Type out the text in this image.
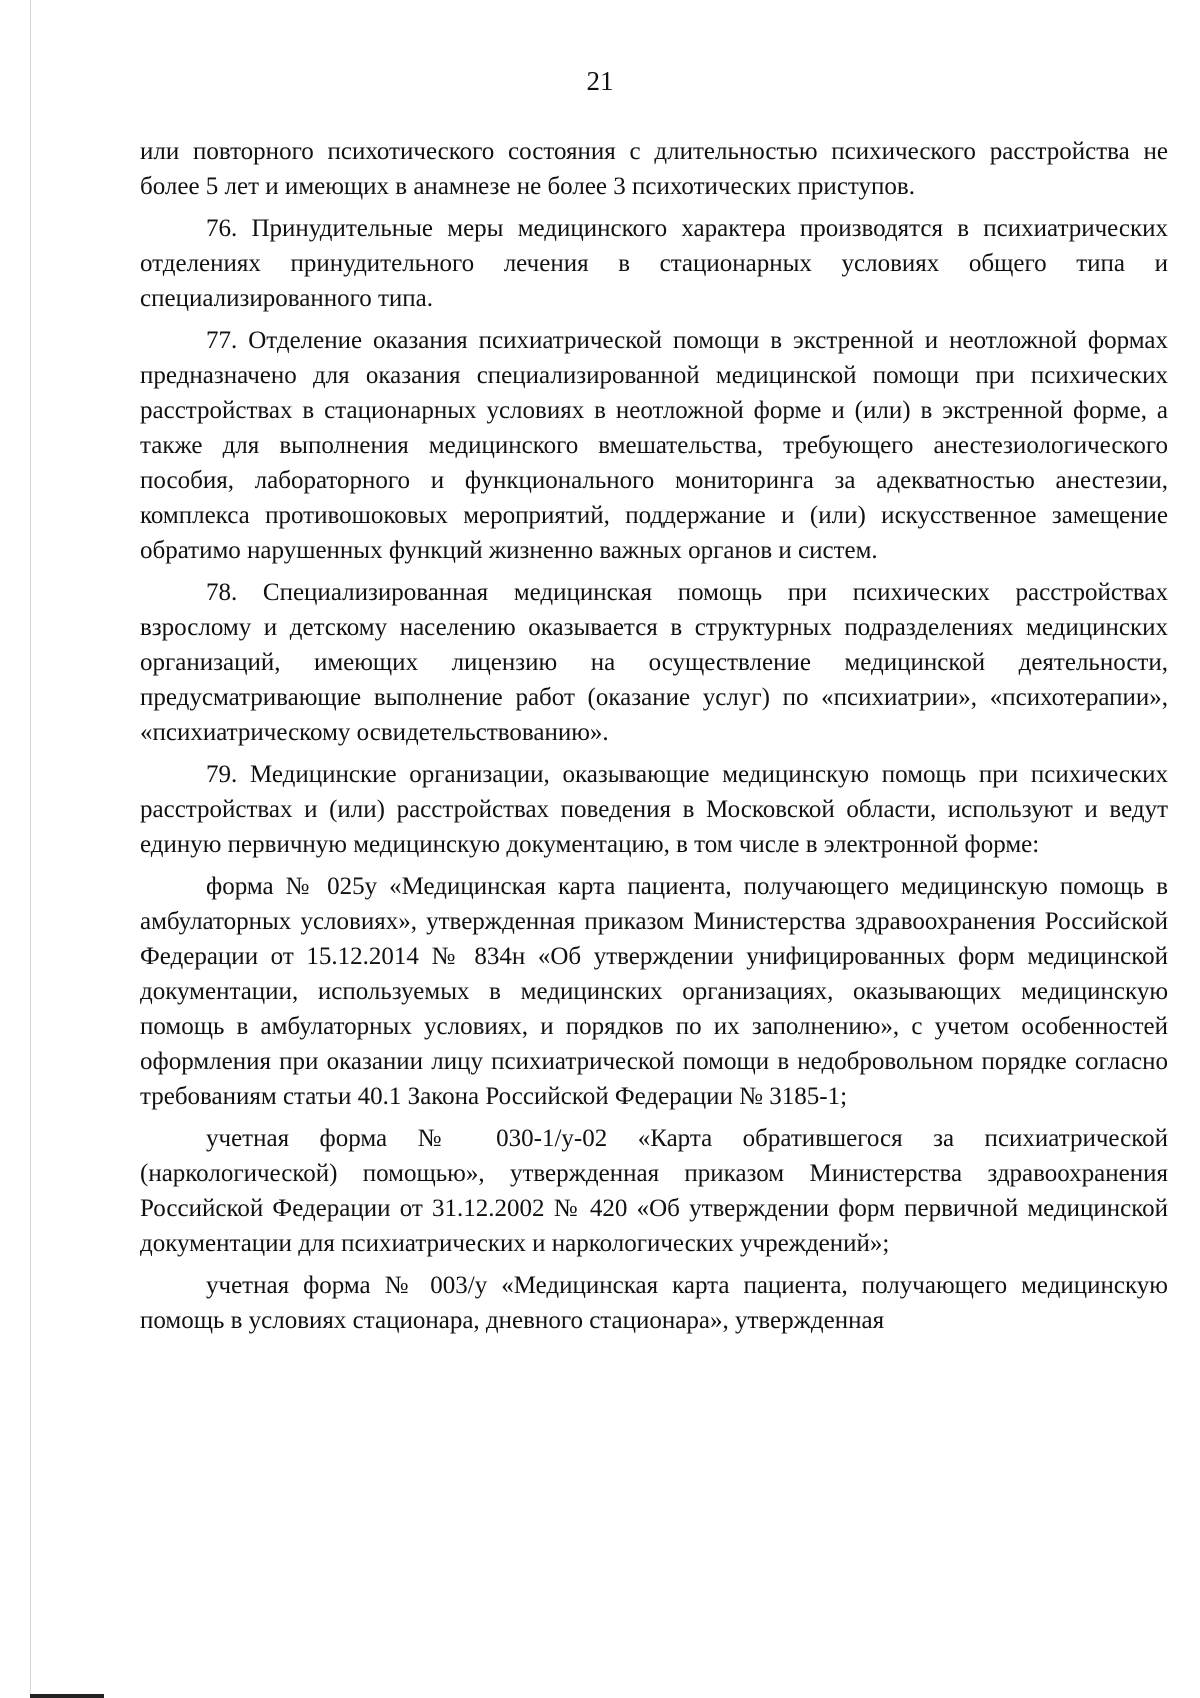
21

или повторного психотического состояния с длительностью психического расстройства не более 5 лет и имеющих в анамнезе не более 3 психотических приступов.

76. Принудительные меры медицинского характера производятся в психиатрических отделениях принудительного лечения в стационарных условиях общего типа и специализированного типа.

77. Отделение оказания психиатрической помощи в экстренной и неотложной формах предназначено для оказания специализированной медицинской помощи при психических расстройствах в стационарных условиях в неотложной форме и (или) в экстренной форме, а также для выполнения медицинского вмешательства, требующего анестезиологического пособия, лабораторного и функционального мониторинга за адекватностью анестезии, комплекса противошоковых мероприятий, поддержание и (или) искусственное замещение обратимо нарушенных функций жизненно важных органов и систем.

78. Специализированная медицинская помощь при психических расстройствах взрослому и детскому населению оказывается в структурных подразделениях медицинских организаций, имеющих лицензию на осуществление медицинской деятельности, предусматривающие выполнение работ (оказание услуг) по «психиатрии», «психотерапии», «психиатрическому освидетельствованию».

79. Медицинские организации, оказывающие медицинскую помощь при психических расстройствах и (или) расстройствах поведения в Московской области, используют и ведут единую первичную медицинскую документацию, в том числе в электронной форме:

форма № 025у «Медицинская карта пациента, получающего медицинскую помощь в амбулаторных условиях», утвержденная приказом Министерства здравоохранения Российской Федерации от 15.12.2014 № 834н «Об утверждении унифицированных форм медицинской документации, используемых в медицинских организациях, оказывающих медицинскую помощь в амбулаторных условиях, и порядков по их заполнению», с учетом особенностей оформления при оказании лицу психиатрической помощи в недобровольном порядке согласно требованиям статьи 40.1 Закона Российской Федерации № 3185-1;

учетная форма № 030-1/у-02 «Карта обратившегося за психиатрической (наркологической) помощью», утвержденная приказом Министерства здравоохранения Российской Федерации от 31.12.2002 № 420 «Об утверждении форм первичной медицинской документации для психиатрических и наркологических учреждений»;

учетная форма № 003/у «Медицинская карта пациента, получающего медицинскую помощь в условиях стационара, дневного стационара», утвержденная
